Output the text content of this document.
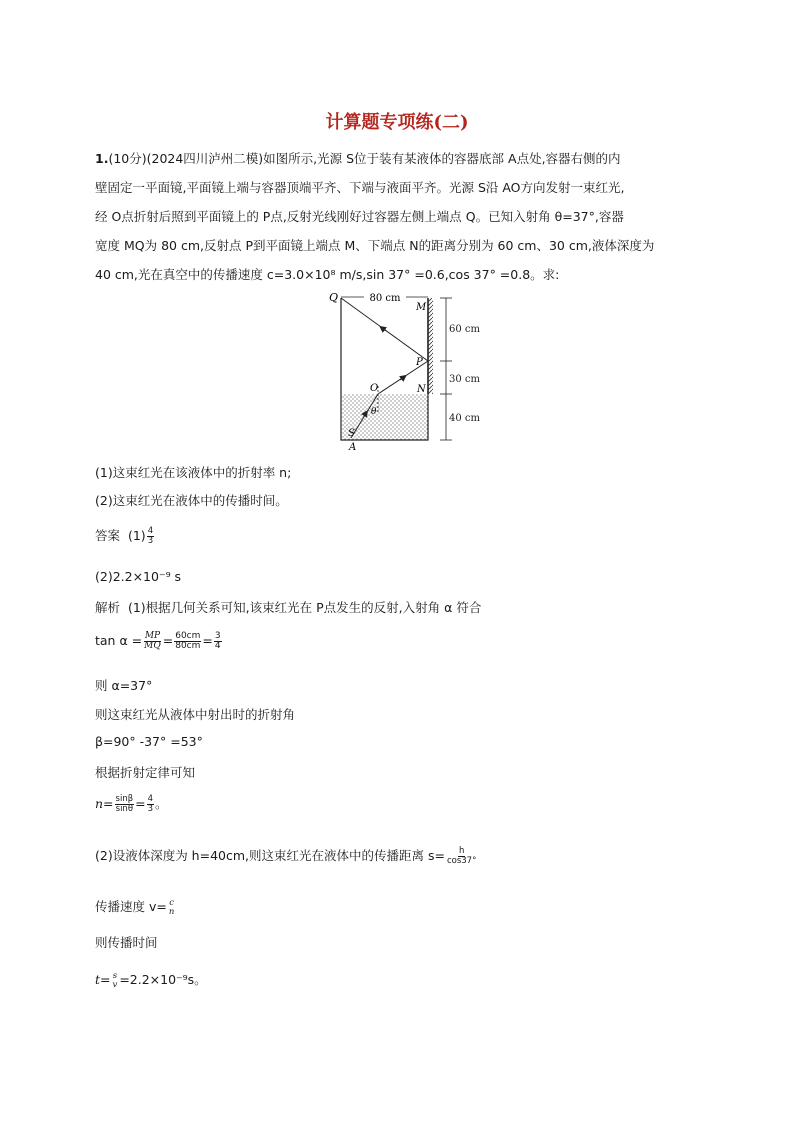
计算题专项练(二)

1.(10分)(2024四川泸州二模)如图所示,光源 S位于装有某液体的容器底部 A点处,容器右侧的内

壁固定一平面镜,平面镜上端与容器顶端平齐、下端与液面平齐。光源 S沿 AO方向发射一束红光,

经 O点折射后照到平面镜上的 P点,反射光线刚好过容器左侧上端点 Q。已知入射角 θ=37°,容器

宽度 MQ为 80 cm,反射点 P到平面镜上端点 M、下端点 N的距离分别为 60 cm、30 cm,液体深度为

40 cm,光在真空中的传播速度 c=3.0×10⁸ m/s,sin 37° =0.6,cos 37° =0.8。求:

80 cm
60 cm
30 cm
40 cm
Q
M
P
O	N
θ
S
A
(1)这束红光在该液体中的折射率 n;
(2)这束红光在液体中的传播时间。
答案 $(1) \frac{4}{3}$
(2)2.2×10⁻⁹ s
解析 (1)根据几何关系可知,该束红光在 P点发生的反射,入射角 α 符合
$\tan \alpha = \frac{MP}{MQ} = \frac{60cm}{80cm} = \frac{3}{4}$
则 α=37°
则这束红光从液体中射出时的折射角
β=90° -37° =53°
根据折射定律可知
$n= \frac{\sin\beta}{\sin\theta} = \frac{4}{3}$ 。
(2)设液体深度为 h=40cm,则这束红光在液体中的传播距离 $s= \frac{h}{\cos 37^\circ}$
传播速度 v= c
n
则传播时间
t= s
v =2.2×10⁻⁹s。
